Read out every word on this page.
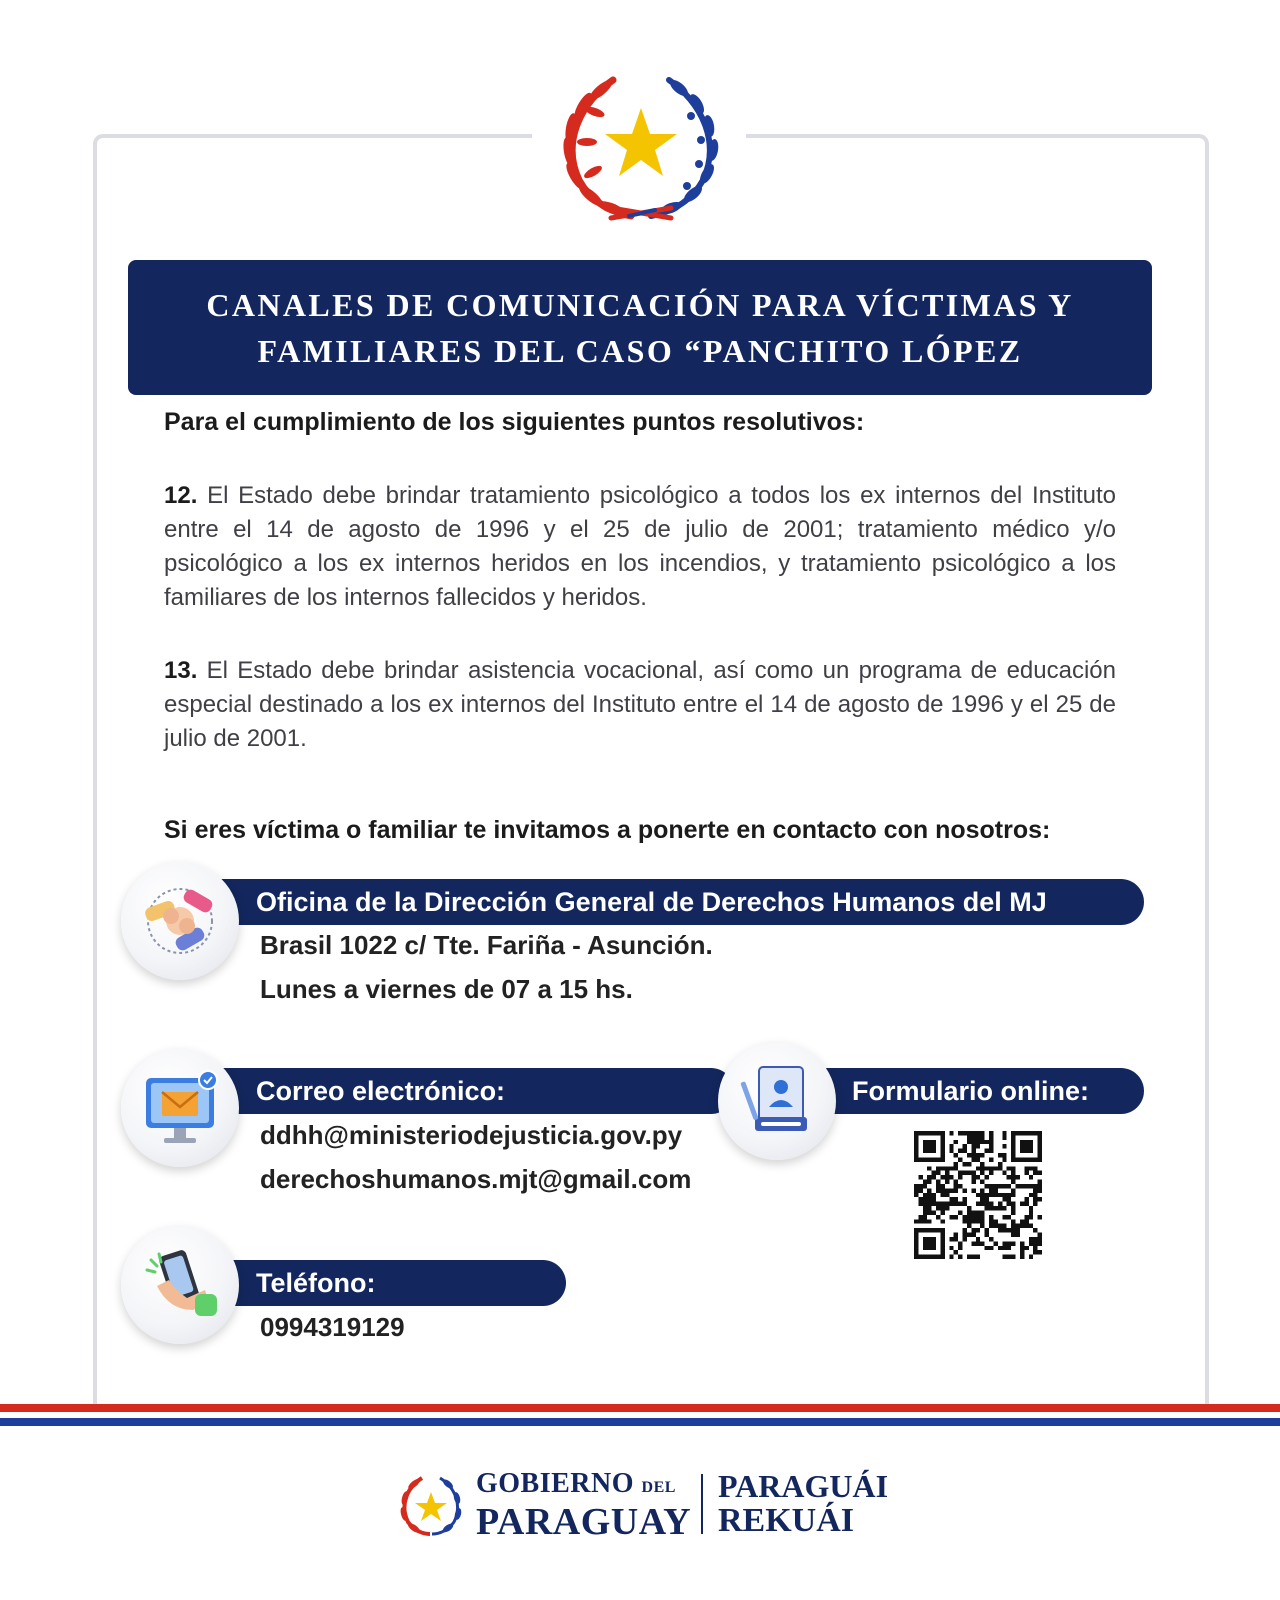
CANALES DE COMUNICACIÓN PARA VÍCTIMAS Y
FAMILIARES DEL CASO “PANCHITO LÓPEZ
Para el cumplimiento de los siguientes puntos resolutivos:

12. El Estado debe brindar tratamiento psicológico a todos los ex internos del Instituto entre el 14 de agosto de 1996 y el 25 de julio de 2001; tratamiento médico y/o psicológico a los ex internos heridos en los incendios, y tratamiento psicológico a los familiares de los internos fallecidos y heridos.

13. El Estado debe brindar asistencia vocacional, así como un programa de educación especial destinado a los ex internos del Instituto entre el 14 de agosto de 1996 y el 25 de julio de 2001.

Si eres víctima o familiar te invitamos a ponerte en contacto con nosotros:
Oficina de la Dirección General de Derechos Humanos del MJ
Brasil 1022 c/ Tte. Fariña - Asunción.
Lunes a viernes de 07 a 15 hs.
Correo electrónico:
ddhh@ministeriodejusticia.gov.py
derechoshumanos.mjt@gmail.com
Formulario online:
Teléfono:
0994319129
GOBIERNO DEL
PARAGUAY
PARAGUÁI
REKUÁI
